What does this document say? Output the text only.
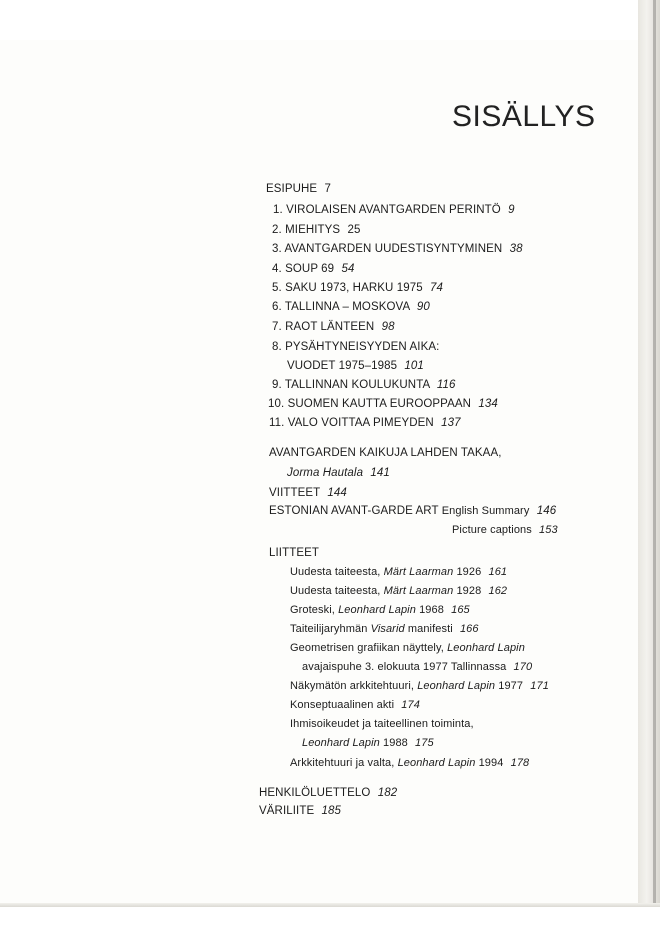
SISÄLLYS
ESIPUHE 7
1. VIROLAISEN AVANTGARDEN PERINTÖ 9
2. MIEHITYS 25
3. AVANTGARDEN UUDESTISYNTYMINEN 38
4. SOUP 69 54
5. SAKU 1973, HARKU 1975 74
6. TALLINNA – MOSKOVA 90
7. RAOT LÄNTEEN 98
8. PYSÄHTYNEISYYDEN AIKA:
VUODET 1975–1985 101
9. TALLINNAN KOULUKUNTA 116
10. SUOMEN KAUTTA EUROOPPAAN 134
11. VALO VOITTAA PIMEYDEN 137
AVANTGARDEN KAIKUJA LAHDEN TAKAA,
Jorma Hautala 141
VIITTEET 144
ESTONIAN AVANT-GARDE ART English Summary 146
Picture captions 153
LIITTEET
Uudesta taiteesta, Märt Laarman 1926 161
Uudesta taiteesta, Märt Laarman 1928 162
Groteski, Leonhard Lapin 1968 165
Taiteilijaryhmän Visarid manifesti 166
Geometrisen grafiikan näyttely, Leonhard Lapin
avajaispuhe 3. elokuuta 1977 Tallinnassa 170
Näkymätön arkkitehtuuri, Leonhard Lapin 1977 171
Konseptuaalinen akti 174
Ihmisoikeudet ja taiteellinen toiminta,
Leonhard Lapin 1988 175
Arkkitehtuuri ja valta, Leonhard Lapin 1994 178
HENKILÖLUETTELO 182
VÄRILIITE 185
